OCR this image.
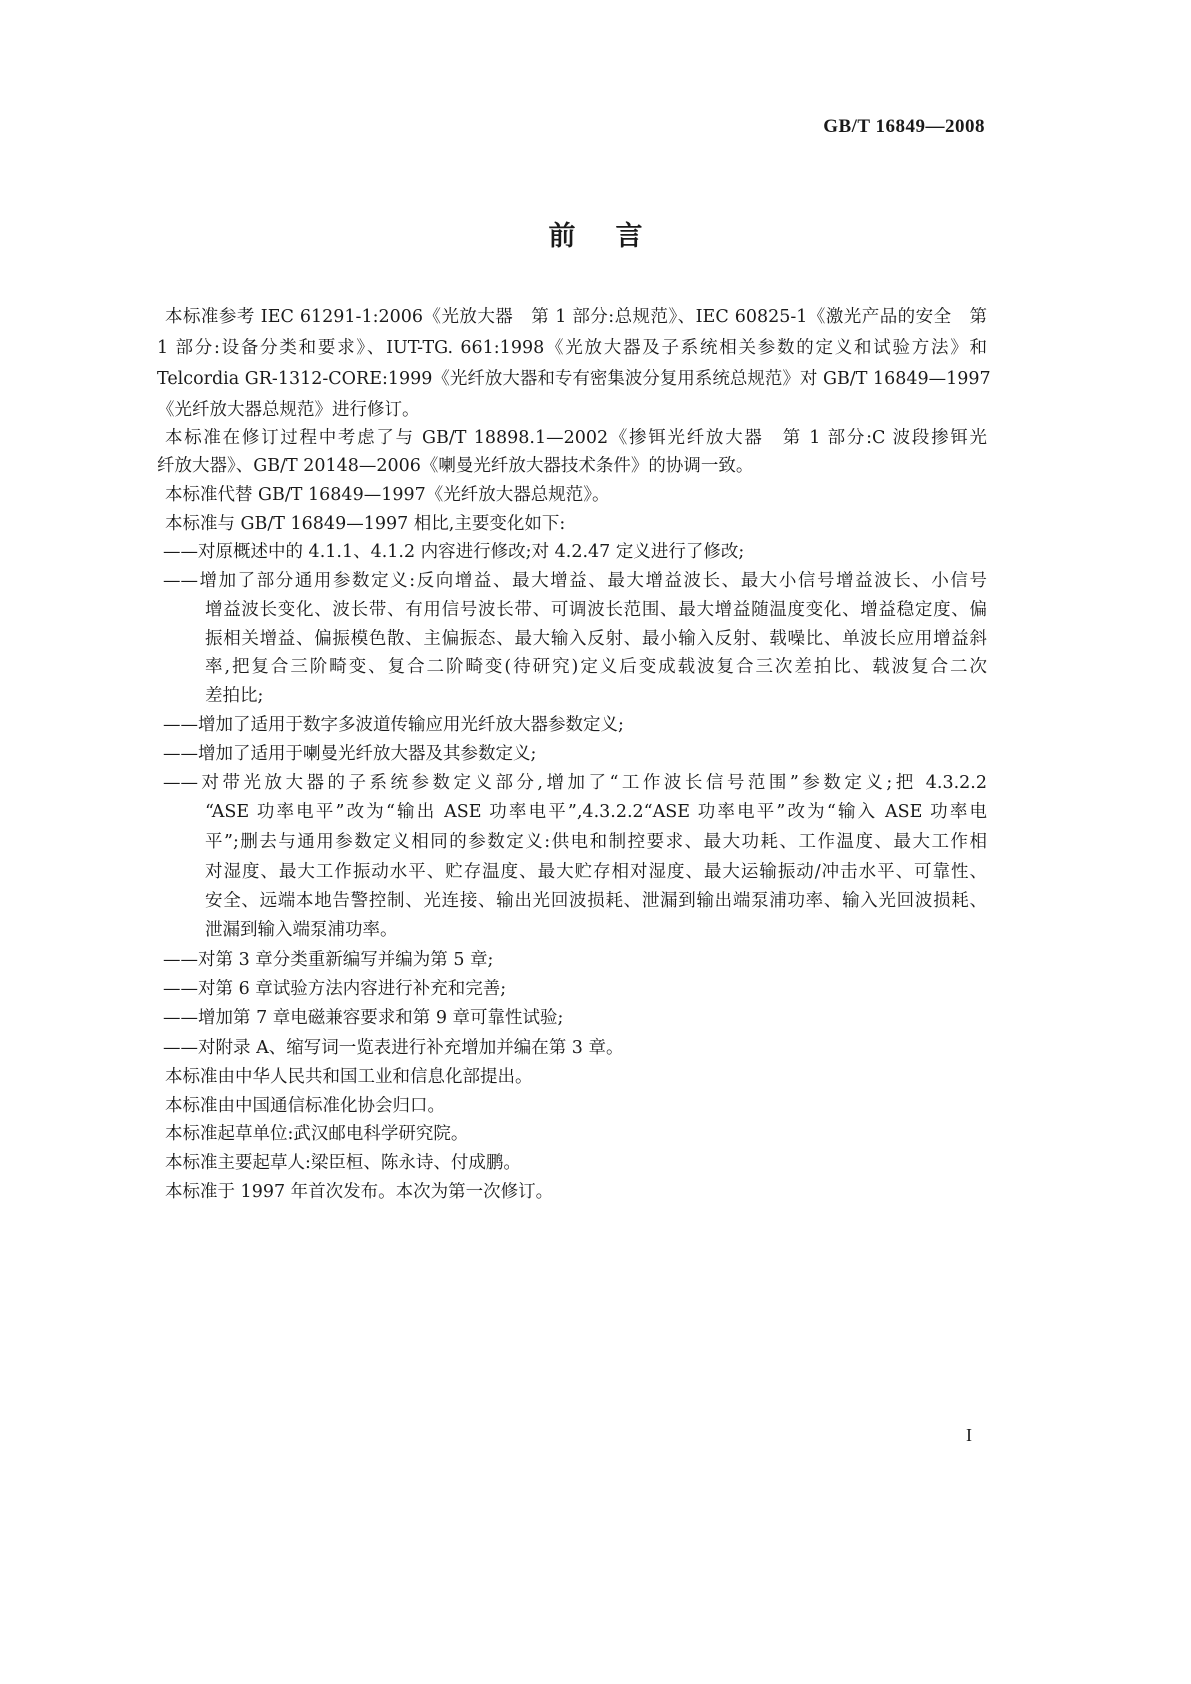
GB/T 16849—2008
前言
本标准参考 IEC 61291-1:2006《光放大器　第 1 部分:总规范》、IEC 60825-1《激光产品的安全　第
1 部分:设备分类和要求》、IUT-TG. 661:1998《光放大器及子系统相关参数的定义和试验方法》和
Telcordia GR-1312-CORE:1999《光纤放大器和专有密集波分复用系统总规范》对 GB/T 16849—1997
《光纤放大器总规范》进行修订。
本标准在修订过程中考虑了与 GB/T 18898.1—2002《掺铒光纤放大器　第 1 部分:C 波段掺铒光
纤放大器》、GB/T 20148—2006《喇曼光纤放大器技术条件》的协调一致。
本标准代替 GB/T 16849—1997《光纤放大器总规范》。
本标准与 GB/T 16849—1997 相比,主要变化如下:
——对原概述中的 4.1.1、4.1.2 内容进行修改;对 4.2.47 定义进行了修改;
——增加了部分通用参数定义:反向增益、最大增益、最大增益波长、最大小信号增益波长、小信号
增益波长变化、波长带、有用信号波长带、可调波长范围、最大增益随温度变化、增益稳定度、偏
振相关增益、偏振模色散、主偏振态、最大输入反射、最小输入反射、载噪比、单波长应用增益斜
率,把复合三阶畸变、复合二阶畸变(待研究)定义后变成载波复合三次差拍比、载波复合二次
差拍比;
——增加了适用于数字多波道传输应用光纤放大器参数定义;
——增加了适用于喇曼光纤放大器及其参数定义;
——对带光放大器的子系统参数定义部分,增加了“工作波长信号范围”参数定义;把 4.3.2.2
“ASE 功率电平”改为“输出 ASE 功率电平”,4.3.2.2“ASE 功率电平”改为“输入 ASE 功率电
平”;删去与通用参数定义相同的参数定义:供电和制控要求、最大功耗、工作温度、最大工作相
对湿度、最大工作振动水平、贮存温度、最大贮存相对湿度、最大运输振动/冲击水平、可靠性、
安全、远端本地告警控制、光连接、输出光回波损耗、泄漏到输出端泵浦功率、输入光回波损耗、
泄漏到输入端泵浦功率。
——对第 3 章分类重新编写并编为第 5 章;
——对第 6 章试验方法内容进行补充和完善;
——增加第 7 章电磁兼容要求和第 9 章可靠性试验;
——对附录 A、缩写词一览表进行补充增加并编在第 3 章。
本标准由中华人民共和国工业和信息化部提出。
本标准由中国通信标准化协会归口。
本标准起草单位:武汉邮电科学研究院。
本标准主要起草人:梁臣桓、陈永诗、付成鹏。
本标准于 1997 年首次发布。本次为第一次修订。
I
